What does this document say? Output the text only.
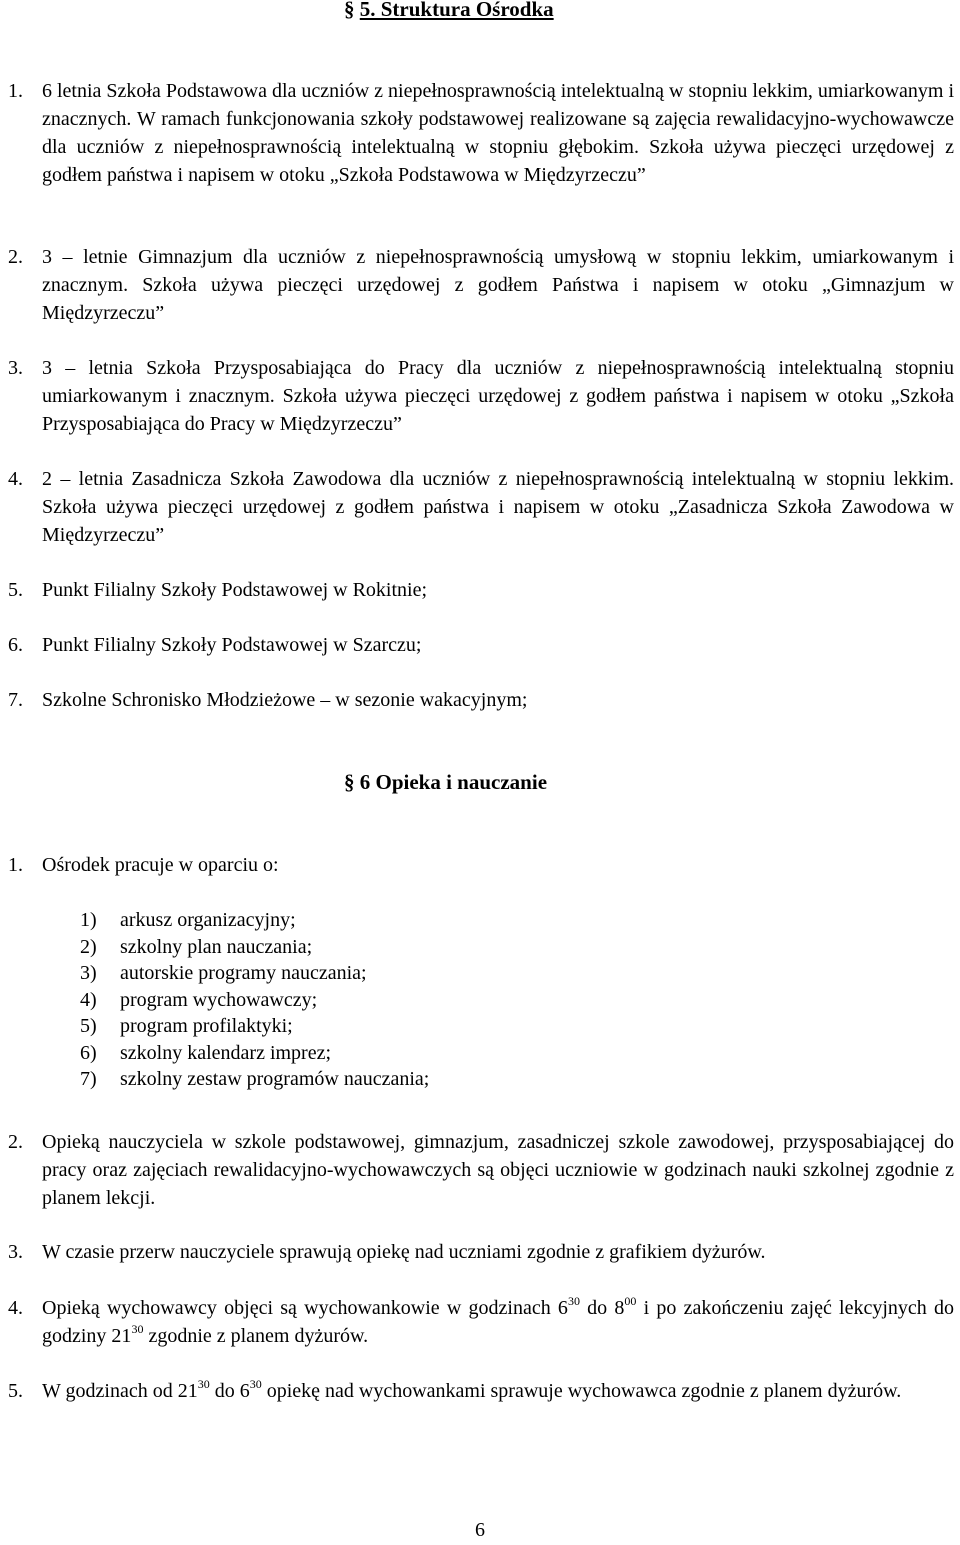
§ 5. Struktura Ośrodka
1. 6 letnia Szkoła Podstawowa dla uczniów z niepełnosprawnością intelektualną w stopniu lekkim, umiarkowanym i znacznych. W ramach funkcjonowania szkoły podstawowej realizowane są zajęcia rewalidacyjno-wychowawcze dla uczniów z niepełnosprawnością intelektualną w stopniu głębokim. Szkoła używa pieczęci urzędowej z godłem państwa i napisem w otoku „Szkoła Podstawowa w Międzyrzeczu”
2. 3 – letnie Gimnazjum dla uczniów z niepełnosprawnością umysłową w stopniu lekkim, umiarkowanym i znacznym. Szkoła używa pieczęci urzędowej z godłem Państwa i napisem w otoku „Gimnazjum w Międzyrzeczu”
3. 3 – letnia Szkoła Przysposabiająca do Pracy dla uczniów z niepełnosprawnością intelektualną stopniu umiarkowanym i znacznym. Szkoła używa pieczęci urzędowej z godłem państwa i napisem w otoku „Szkoła Przysposabiająca do Pracy w Międzyrzeczu”
4. 2 – letnia Zasadnicza Szkoła Zawodowa dla uczniów z niepełnosprawnością intelektualną w stopniu lekkim. Szkoła używa pieczęci urzędowej z godłem państwa i napisem w otoku „Zasadnicza Szkoła Zawodowa w Międzyrzeczu”
5. Punkt Filialny Szkoły Podstawowej w Rokitnie;
6. Punkt Filialny Szkoły Podstawowej w Szarczu;
7. Szkolne Schronisko Młodzieżowe – w sezonie wakacyjnym;
§ 6 Opieka i nauczanie
1. Ośrodek pracuje w oparciu o:
1) arkusz organizacyjny;
2) szkolny plan nauczania;
3) autorskie programy nauczania;
4) program wychowawczy;
5) program profilaktyki;
6) szkolny kalendarz imprez;
7) szkolny zestaw programów nauczania;
2. Opieką nauczyciela w szkole podstawowej, gimnazjum, zasadniczej szkole zawodowej, przysposabiającej do pracy oraz zajęciach rewalidacyjno-wychowawczych są objęci uczniowie w godzinach nauki szkolnej zgodnie z planem lekcji.
3. W czasie przerw nauczyciele sprawują opiekę nad uczniami zgodnie z grafikiem dyżurów.
4. Opieką wychowawcy objęci są wychowankowie w godzinach $6^{30}$ do $8^{00}$ i po zakończeniu zajęć lekcyjnych do godziny $21^{30}$ zgodnie z planem dyżurów.
5. W godzinach od $21^{30}$ do $6^{30}$ opiekę nad wychowankami sprawuje wychowawca zgodnie z planem dyżurów.
6
